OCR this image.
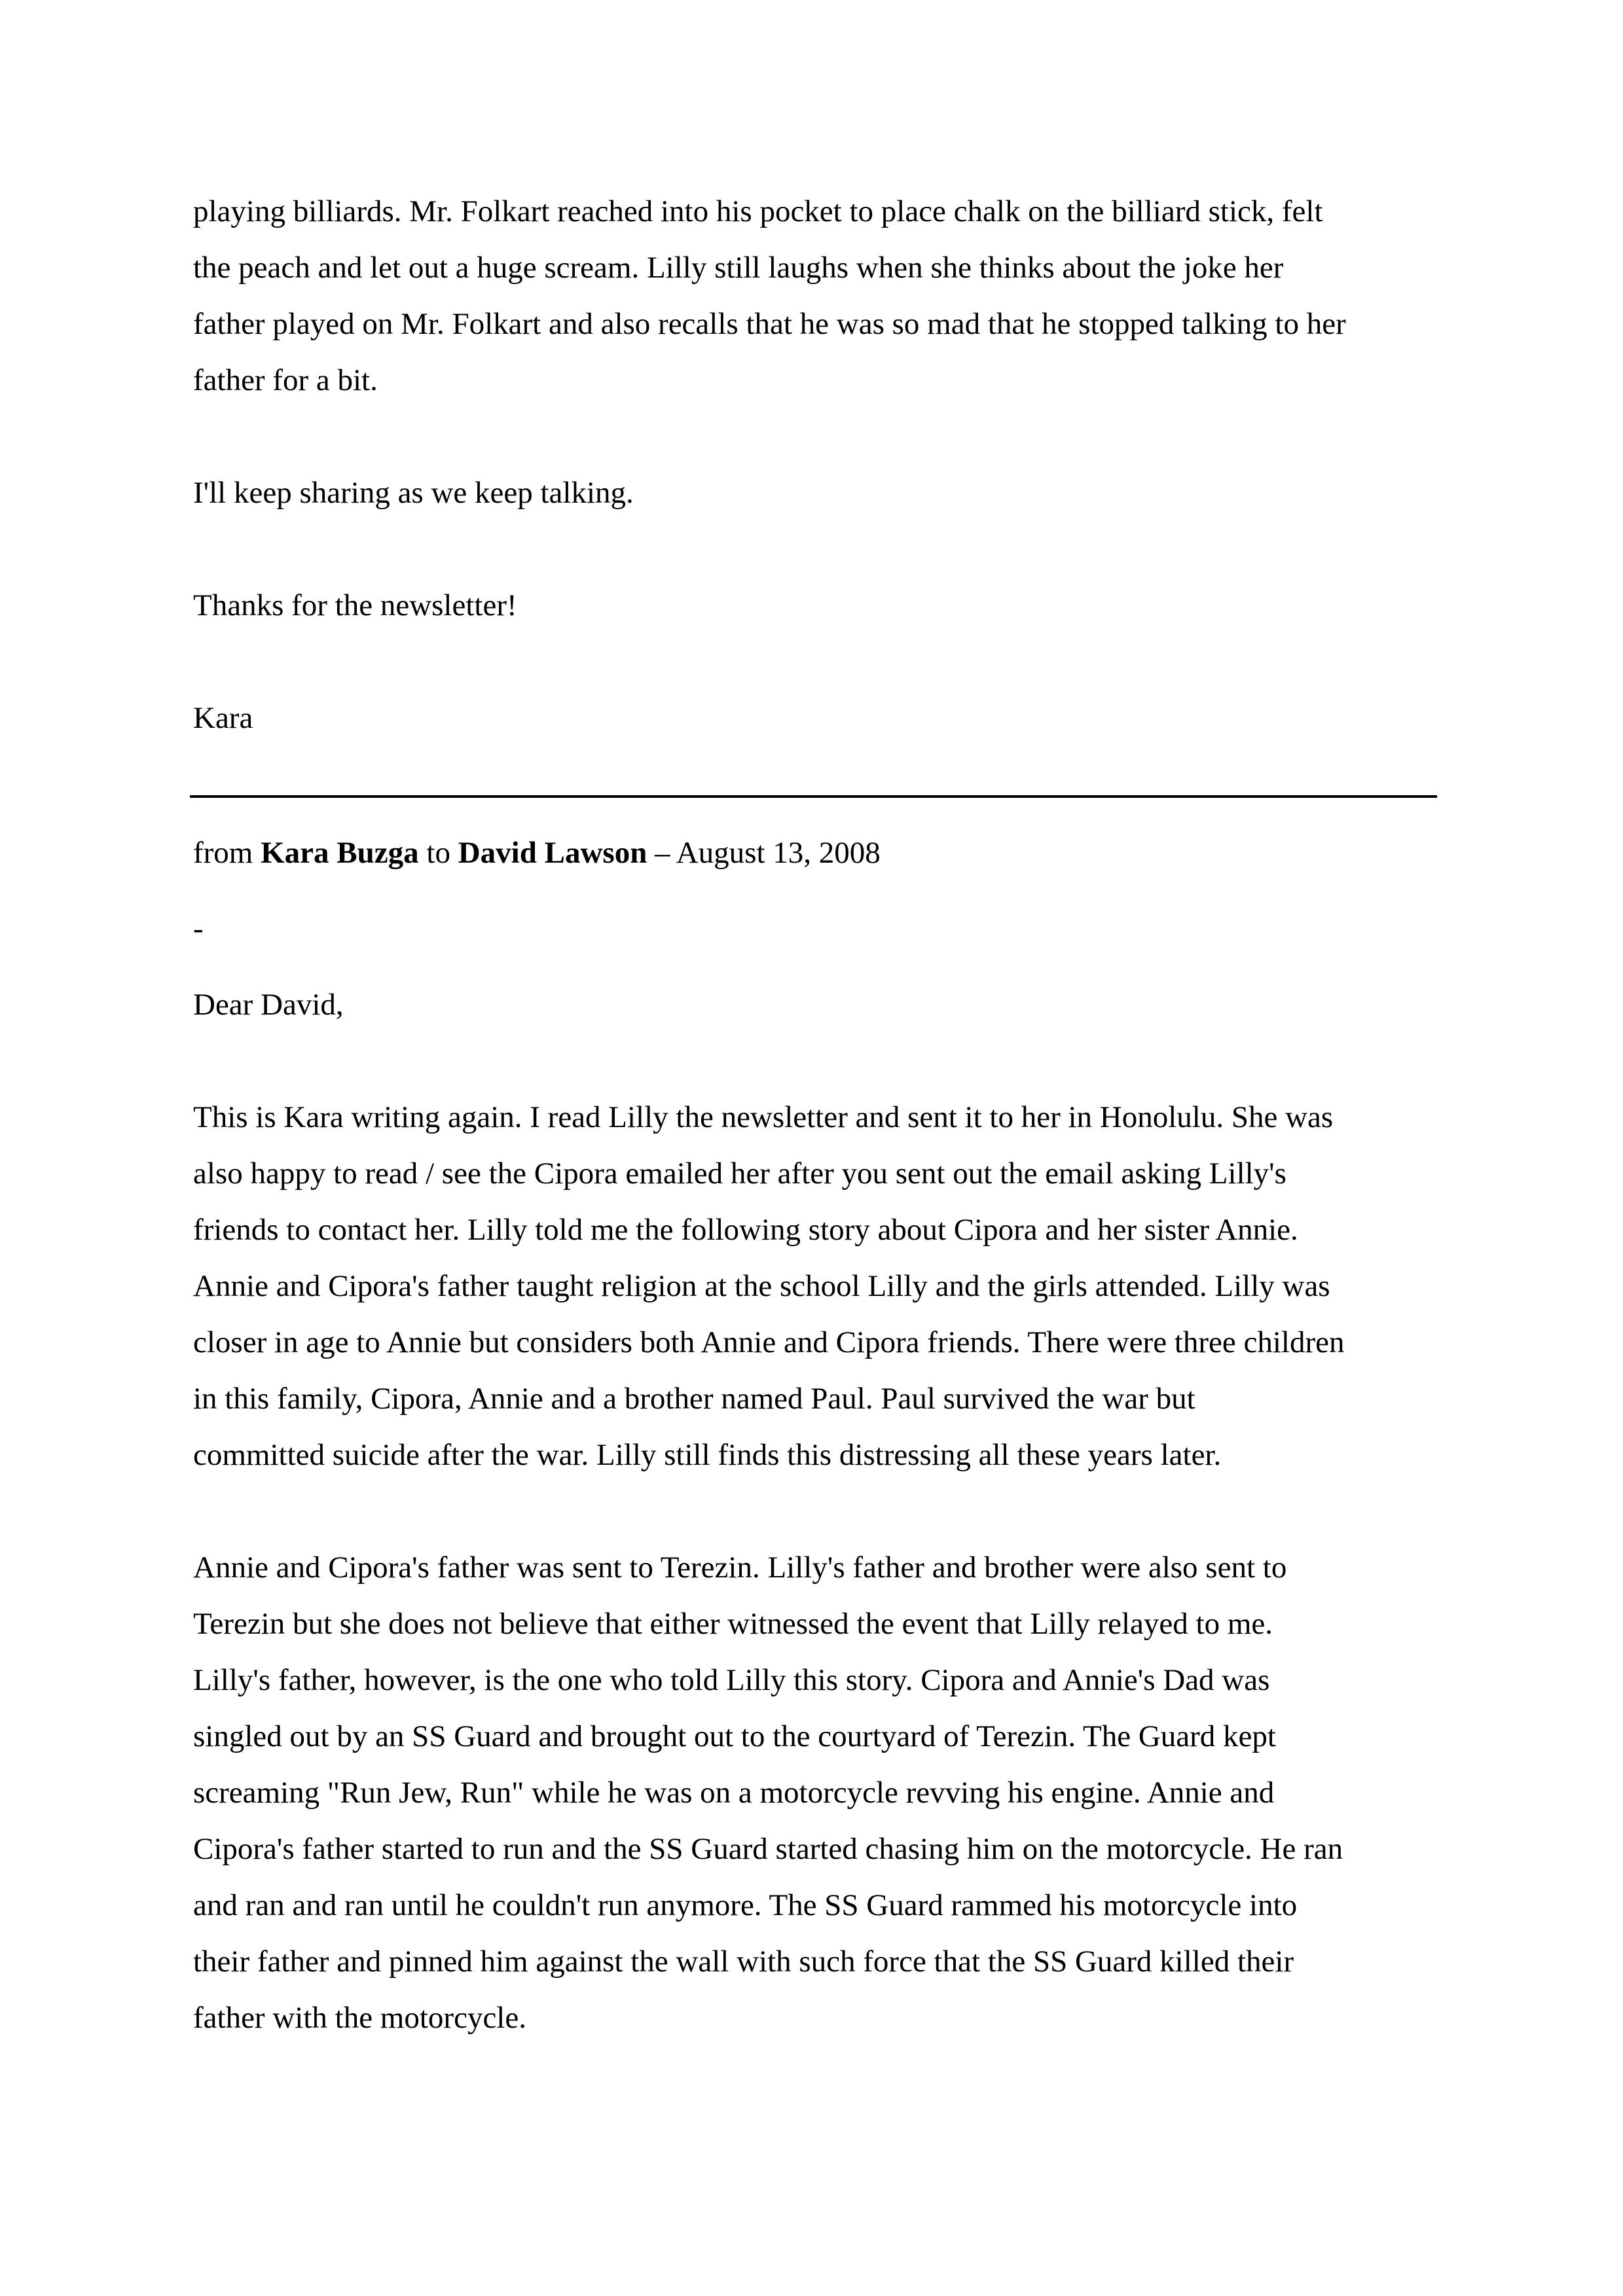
playing billiards. Mr. Folkart reached into his pocket to place chalk on the billiard stick, felt
the peach and let out a huge scream. Lilly still laughs when she thinks about the joke her
father played on Mr. Folkart and also recalls that he was so mad that he stopped talking to her
father for a bit.
I'll keep sharing as we keep talking.
Thanks for the newsletter!
Kara
from Kara Buzga to David Lawson – August 13, 2008
-
Dear David,
This is Kara writing again. I read Lilly the newsletter and sent it to her in Honolulu. She was
also happy to read / see the Cipora emailed her after you sent out the email asking Lilly's
friends to contact her. Lilly told me the following story about Cipora and her sister Annie.
Annie and Cipora's father taught religion at the school Lilly and the girls attended. Lilly was
closer in age to Annie but considers both Annie and Cipora friends. There were three children
in this family, Cipora, Annie and a brother named Paul. Paul survived the war but
committed suicide after the war. Lilly still finds this distressing all these years later.
Annie and Cipora's father was sent to Terezin. Lilly's father and brother were also sent to
Terezin but she does not believe that either witnessed the event that Lilly relayed to me.
Lilly's father, however, is the one who told Lilly this story. Cipora and Annie's Dad was
singled out by an SS Guard and brought out to the courtyard of Terezin. The Guard kept
screaming "Run Jew, Run" while he was on a motorcycle revving his engine. Annie and
Cipora's father started to run and the SS Guard started chasing him on the motorcycle. He ran
and ran and ran until he couldn't run anymore. The SS Guard rammed his motorcycle into
their father and pinned him against the wall with such force that the SS Guard killed their
father with the motorcycle.
